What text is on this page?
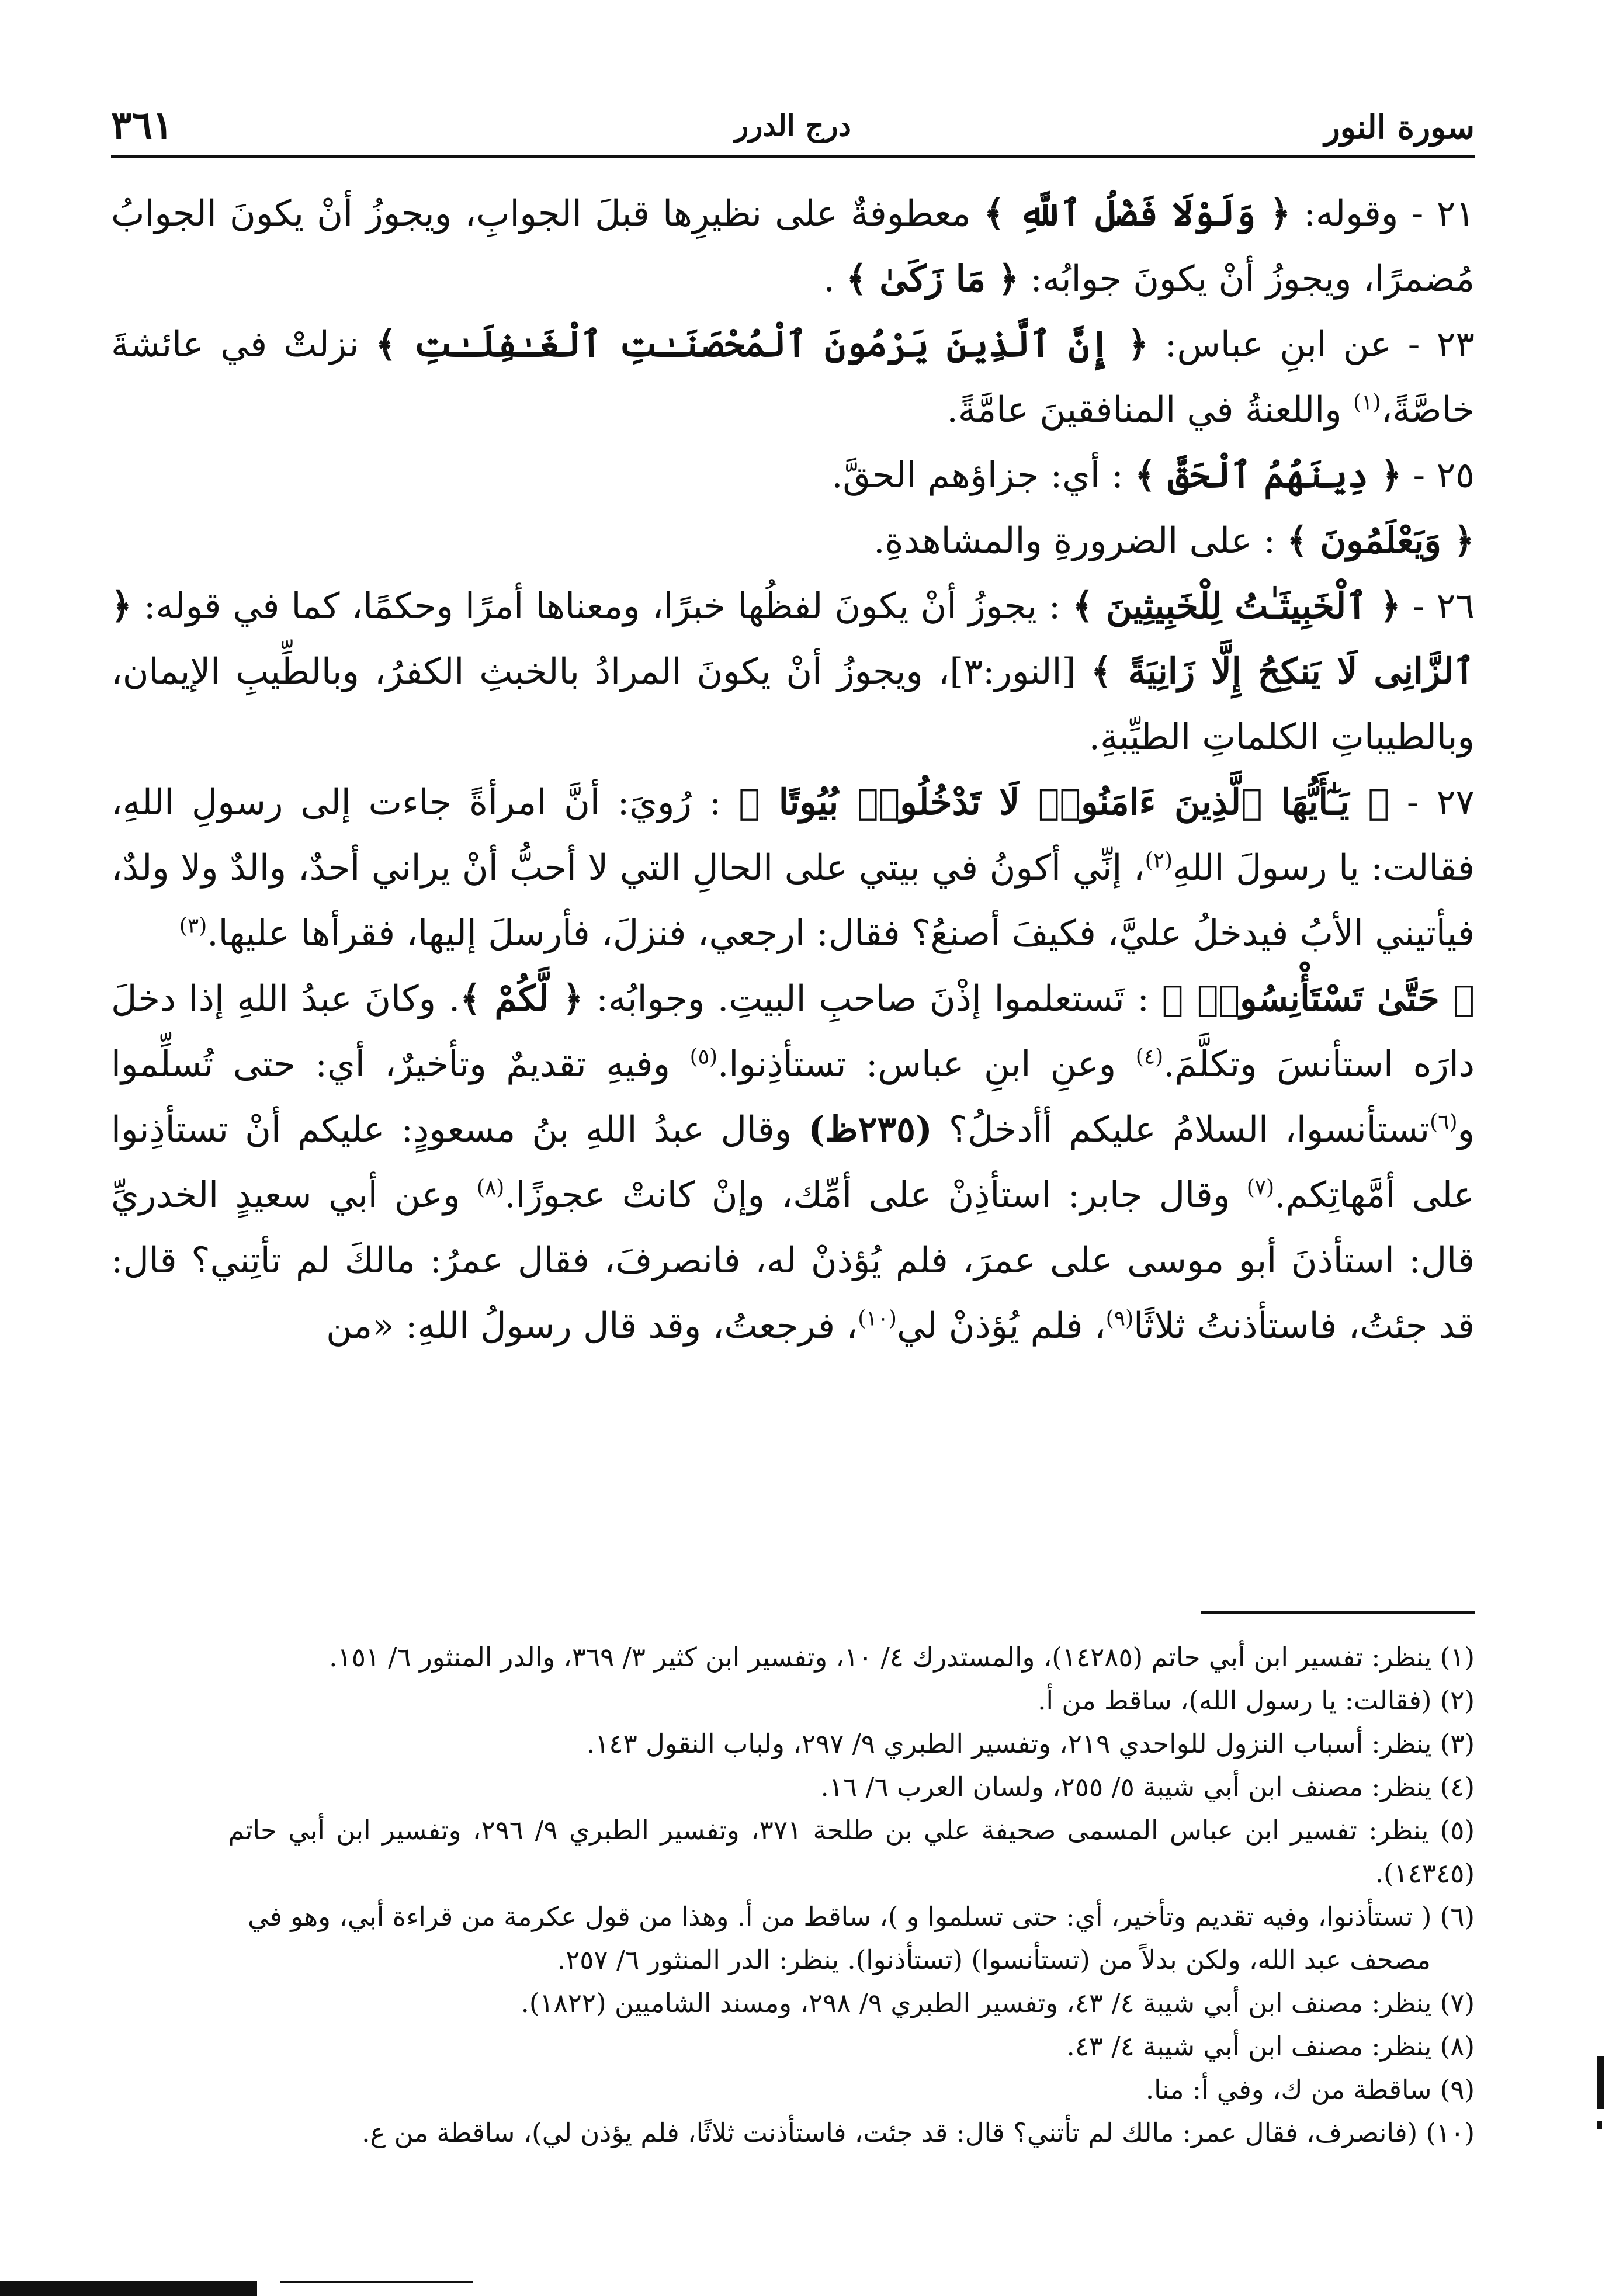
سورة النور
درج الدرر
٣٦١

٢١ - وقوله: ﴿ وَلَوْلَا فَضْلُ ٱللَّهِ ﴾ معطوفةٌ على نظيرِها قبلَ الجوابِ، ويجوزُ أنْ يكونَ الجوابُ مُضمرًا، ويجوزُ أنْ يكونَ جوابُه: ﴿ مَا زَكَىٰ ﴾ .

٢٣ - عن ابنِ عباس: ﴿ إِنَّ ٱلَّذِينَ يَرْمُونَ ٱلْمُحْصَنَـٰتِ ٱلْغَـٰفِلَـٰتِ ﴾ نزلتْ في عائشةَ خاصَّةً،$^{(١)}$ واللعنةُ في المنافقينَ عامَّةً.

٢٥ - ﴿ دِينَهُمُ ٱلْحَقَّ ﴾ : أي: جزاؤهم الحقَّ.

﴿ وَيَعْلَمُونَ ﴾ : على الضرورةِ والمشاهدةِ.

٢٦ - ﴿ ٱلْخَبِيثَـٰتُ لِلْخَبِيثِينَ ﴾ : يجوزُ أنْ يكونَ لفظُها خبرًا، ومعناها أمرًا وحكمًا، كما في قوله: ﴿ ٱلزَّانِى لَا يَنكِحُ إِلَّا زَانِيَةً ﴾ [النور:٣]، ويجوزُ أنْ يكونَ المرادُ بالخبثِ الكفرُ، وبالطِّيبِ الإيمان، وبالطيباتِ الكلماتِ الطيِّبةِ.

٢٧ - ﴿ يَـٰٓأَيُّهَا ٱلَّذِينَ ءَامَنُوا۟ لَا تَدْخُلُوا۟ بُيُوتًا ﴾ : رُويَ: أنَّ امرأةً جاءت إلى رسولِ اللهِ، فقالت: يا رسولَ اللهِ$^{(٢)}$، إنِّي أكونُ في بيتي على الحالِ التي لا أحبُّ أنْ يراني أحدٌ، والدٌ ولا ولدٌ، فيأتيني الأبُ فيدخلُ عليَّ، فكيفَ أصنعُ؟ فقال: ارجعي، فنزلَ، فأرسلَ إليها، فقرأها عليها.$^{(٣)}$

﴿ حَتَّىٰ تَسْتَأْنِسُوا۟ ﴾ : تَستعلموا إذْنَ صاحبِ البيتِ. وجوابُه: ﴿ لَّكُمْ ﴾. وكانَ عبدُ اللهِ إذا دخلَ دارَه استأنسَ وتكلَّمَ.$^{(٤)}$ وعنِ ابنِ عباس: تستأذِنوا.$^{(٥)}$ وفيهِ تقديمٌ وتأخيرٌ، أي: حتى تُسلِّموا و$^{(٦)}$تستأنسوا، السلامُ عليكم أأدخلُ؟ (٢٣٥ظ) وقال عبدُ اللهِ بنُ مسعودٍ: عليكم أنْ تستأذِنوا على أمَّهاتِكم.$^{(٧)}$ وقال جابر: استأذِنْ على أمِّك، وإنْ كانتْ عجوزًا.$^{(٨)}$ وعن أبي سعيدٍ الخدريِّ قال: استأذنَ أبو موسى على عمرَ، فلم يُؤذنْ له، فانصرفَ، فقال عمرُ: مالكَ لم تأتِني؟ قال: قد جئتُ، فاستأذنتُ ثلاثًا$^{(٩)}$، فلم يُؤذنْ لي$^{(١٠)}$، فرجعتُ، وقد قال رسولُ اللهِ: «من

(١) ينظر: تفسير ابن أبي حاتم (١٤٢٨٥)، والمستدرك ٤/ ١٠، وتفسير ابن كثير ٣/ ٣٦٩، والدر المنثور ٦/ ١٥١.

(٢) (فقالت: يا رسول الله)، ساقط من أ.

(٣) ينظر: أسباب النزول للواحدي ٢١٩، وتفسير الطبري ٩/ ٢٩٧، ولباب النقول ١٤٣.

(٤) ينظر: مصنف ابن أبي شيبة ٥/ ٢٥٥، ولسان العرب ٦/ ١٦.

(٥) ينظر: تفسير ابن عباس المسمى صحيفة علي بن طلحة ٣٧١، وتفسير الطبري ٩/ ٢٩٦، وتفسير ابن أبي حاتم (١٤٣٤٥).

(٦) ( تستأذنوا، وفيه تقديم وتأخير، أي: حتى تسلموا و )، ساقط من أ. وهذا من قول عكرمة من قراءة أبي، وهو في

مصحف عبد الله، ولكن بدلاً من (تستأنسوا) (تستأذنوا). ينظر: الدر المنثور ٦/ ٢٥٧.

(٧) ينظر: مصنف ابن أبي شيبة ٤/ ٤٣، وتفسير الطبري ٩/ ٢٩٨، ومسند الشاميين (١٨٢٢).

(٨) ينظر: مصنف ابن أبي شيبة ٤/ ٤٣.

(٩) ساقطة من ك، وفي أ: منا.

(١٠) (فانصرف، فقال عمر: مالك لم تأتني؟ قال: قد جئت، فاستأذنت ثلاثًا، فلم يؤذن لي)، ساقطة من ع.
